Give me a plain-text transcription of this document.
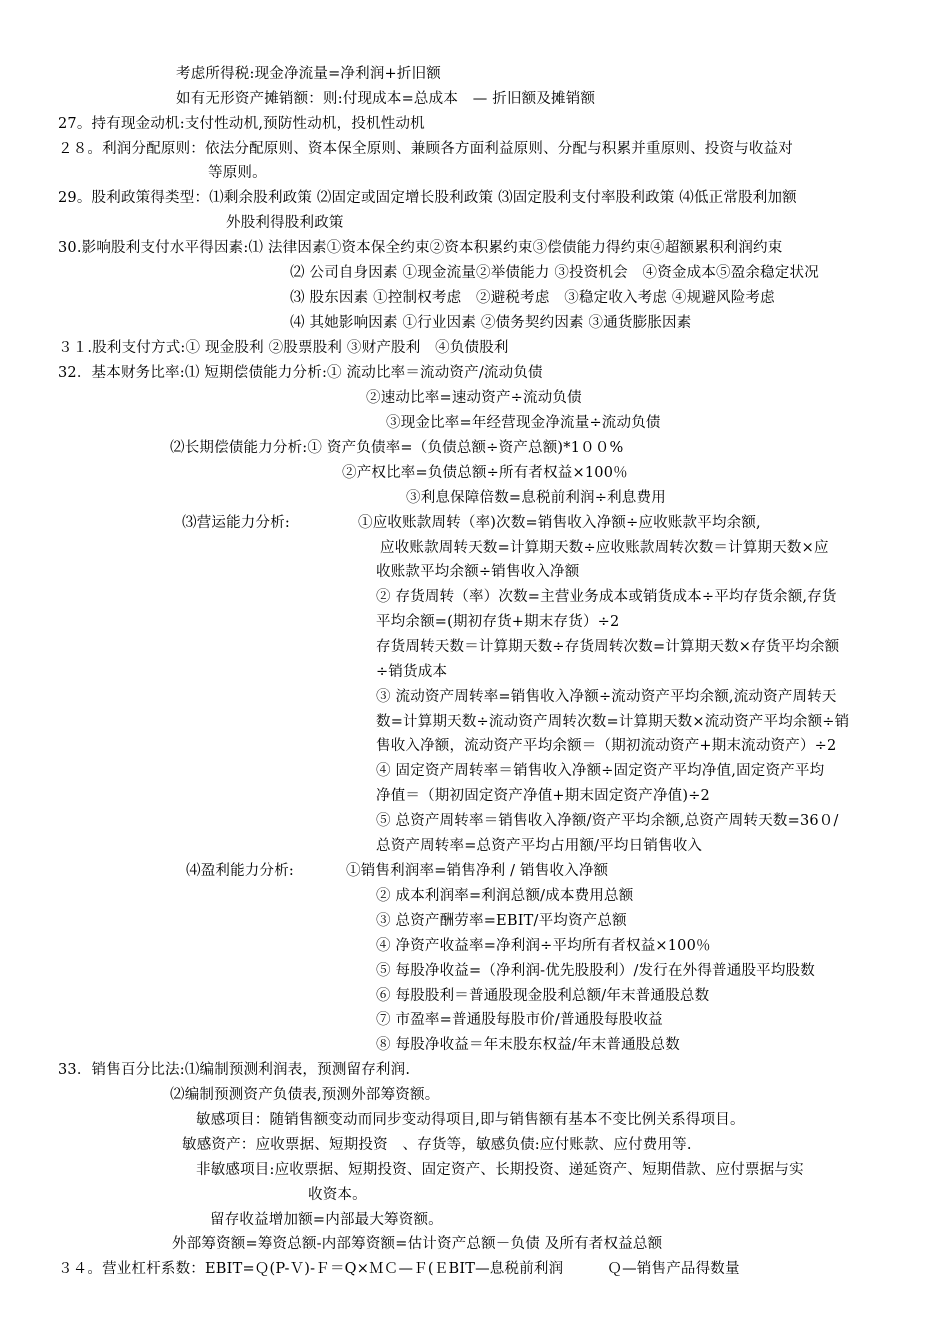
考虑所得税:现金净流量=净利润+折旧额
如有无形资产摊销额：则:付现成本=总成本　— 折旧额及摊销额
27。持有现金动机:支付性动机,预防性动机，投机性动机
２８。利润分配原则：依法分配原则、资本保全原则、兼顾各方面利益原则、分配与积累并重原则、投资与收益对
等原则。
29。股利政策得类型：⑴剩余股利政策 ⑵固定或固定增长股利政策 ⑶固定股利支付率股利政策 ⑷低正常股利加额
外股利得股利政策
30.影响股利支付水平得因素:⑴ 法律因素①资本保全约束②资本积累约束③偿债能力得约束④超额累积利润约束
⑵ 公司自身因素 ①现金流量②举债能力 ③投资机会　④资金成本⑤盈余稳定状况
⑶ 股东因素 ①控制权考虑　②避税考虑　③稳定收入考虑 ④规避风险考虑
⑷ 其她影响因素 ①行业因素 ②债务契约因素 ③通货膨胀因素
３１.股利支付方式:① 现金股利 ②股票股利 ③财产股利　④负债股利
32．基本财务比率:⑴ 短期偿债能力分析:① 流动比率＝流动资产/流动负债
②速动比率=速动资产÷流动负债
③现金比率=年经营现金净流量÷流动负债
⑵长期偿债能力分析:① 资产负债率=（负债总额÷资产总额)*1００%
②产权比率=负债总额÷所有者权益×100％
③利息保障倍数=息税前利润÷利息费用
⑶营运能力分析:	①应收账款周转（率)次数=销售收入净额÷应收账款平均余额,
应收账款周转天数=计算期天数÷应收账款周转次数＝计算期天数×应
收账款平均余额÷销售收入净额
② 存货周转（率）次数=主营业务成本或销货成本÷平均存货余额,存货
平均余额=(期初存货+期末存货）÷2
存货周转天数＝计算期天数÷存货周转次数=计算期天数×存货平均余额
÷销货成本
③ 流动资产周转率=销售收入净额÷流动资产平均余额,流动资产周转天
数=计算期天数÷流动资产周转次数=计算期天数×流动资产平均余额÷销
售收入净额，流动资产平均余额＝（期初流动资产+期末流动资产）÷2
④ 固定资产周转率＝销售收入净额÷固定资产平均净值,固定资产平均
净值＝（期初固定资产净值+期末固定资产净值)÷2
⑤ 总资产周转率＝销售收入净额/资产平均余额,总资产周转天数=36０/
总资产周转率=总资产平均占用额/平均日销售收入
⑷盈利能力分析:	①销售利润率=销售净利 / 销售收入净额
② 成本利润率=利润总额/成本费用总额
③ 总资产酬劳率=EBIT/平均资产总额
④ 净资产收益率=净利润÷平均所有者权益×100％
⑤ 每股净收益=（净利润-优先股股利）/发行在外得普通股平均股数
⑥ 每股股利＝普通股现金股利总额/年末普通股总数
⑦ 市盈率=普通股每股市价/普通股每股收益
⑧ 每股净收益＝年末股东权益/年末普通股总数
33．销售百分比法:⑴编制预测利润表，预测留存利润.
⑵编制预测资产负债表,预测外部筹资额。
敏感项目：随销售额变动而同步变动得项目,即与销售额有基本不变比例关系得项目。
敏感资产：应收票据、短期投资　、存货等，敏感负债:应付账款、应付费用等.
非敏感项目:应收票据、短期投资、固定资产、长期投资、递延资产、短期借款、应付票据与实
收资本。
留存收益增加额=内部最大筹资额。
外部筹资额=筹资总额-内部筹资额=估计资产总额－负债 及所有者权益总额
３４。营业杠杆系数：EBIT=Ｑ(P-Ｖ)-Ｆ＝Q×ＭＣ—Ｆ(ＥBIT—息税前利润　　　Ｑ—销售产品得数量
